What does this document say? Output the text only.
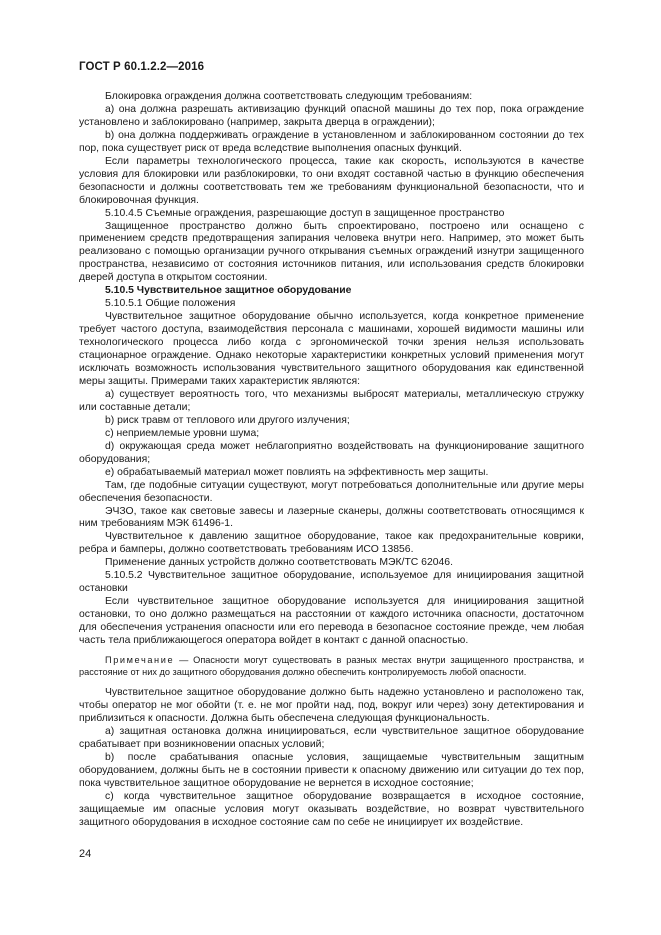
ГОСТ Р 60.1.2.2—2016

Блокировка ограждения должна соответствовать следующим требованиям:

а) она должна разрешать активизацию функций опасной машины до тех пор, пока ограждение установлено и заблокировано (например, закрыта дверца в ограждении);

b) она должна поддерживать ограждение в установленном и заблокированном состоянии до тех пор, пока существует риск от вреда вследствие выполнения опасных функций.

Если параметры технологического процесса, такие как скорость, используются в качестве условия для блокировки или разблокировки, то они входят составной частью в функцию обеспечения безопасности и должны соответствовать тем же требованиям функциональной безопасности, что и блокировочная функция.

5.10.4.5 Съемные ограждения, разрешающие доступ в защищенное пространство

Защищенное пространство должно быть спроектировано, построено или оснащено с применением средств предотвращения запирания человека внутри него. Например, это может быть реализовано с помощью организации ручного открывания съемных ограждений изнутри защищенного пространства, независимо от состояния источников питания, или использования средств блокировки дверей доступа в открытом состоянии.

5.10.5 Чувствительное защитное оборудование

5.10.5.1 Общие положения

Чувствительное защитное оборудование обычно используется, когда конкретное применение требует частого доступа, взаимодействия персонала с машинами, хорошей видимости машины или технологического процесса либо когда с эргономической точки зрения нельзя использовать стационарное ограждение. Однако некоторые характеристики конкретных условий применения могут исключать возможность использования чувствительного защитного оборудования как единственной меры защиты. Примерами таких характеристик являются:

а) существует вероятность того, что механизмы выбросят материалы, металлическую стружку или составные детали;

b) риск травм от теплового или другого излучения;

c) неприемлемые уровни шума;

d) окружающая среда может неблагоприятно воздействовать на функционирование защитного оборудования;

e) обрабатываемый материал может повлиять на эффективность мер защиты.

Там, где подобные ситуации существуют, могут потребоваться дополнительные или другие меры обеспечения безопасности.

ЭЧЗО, такое как световые завесы и лазерные сканеры, должны соответствовать относящимся к ним требованиям МЭК 61496-1.

Чувствительное к давлению защитное оборудование, такое как предохранительные коврики, ребра и бамперы, должно соответствовать требованиям ИСО 13856.

Применение данных устройств должно соответствовать МЭК/ТС 62046.

5.10.5.2 Чувствительное защитное оборудование, используемое для инициирования защитной остановки

Если чувствительное защитное оборудование используется для инициирования защитной остановки, то оно должно размещаться на расстоянии от каждого источника опасности, достаточном для обеспечения устранения опасности или его перевода в безопасное состояние прежде, чем любая часть тела приближающегося оператора войдет в контакт с данной опасностью.

Примечание — Опасности могут существовать в разных местах внутри защищенного пространства, и расстояние от них до защитного оборудования должно обеспечить контролируемость любой опасности.

Чувствительное защитное оборудование должно быть надежно установлено и расположено так, чтобы оператор не мог обойти (т. е. не мог пройти над, под, вокруг или через) зону детектирования и приблизиться к опасности. Должна быть обеспечена следующая функциональность.

а) защитная остановка должна инициироваться, если чувствительное защитное оборудование срабатывает при возникновении опасных условий;

b) после срабатывания опасные условия, защищаемые чувствительным защитным оборудованием, должны быть не в состоянии привести к опасному движению или ситуации до тех пор, пока чувствительное защитное оборудование не вернется в исходное состояние;

c) когда чувствительное защитное оборудование возвращается в исходное состояние, защищаемые им опасные условия могут оказывать воздействие, но возврат чувствительного защитного оборудования в исходное состояние сам по себе не инициирует их воздействие.

24
